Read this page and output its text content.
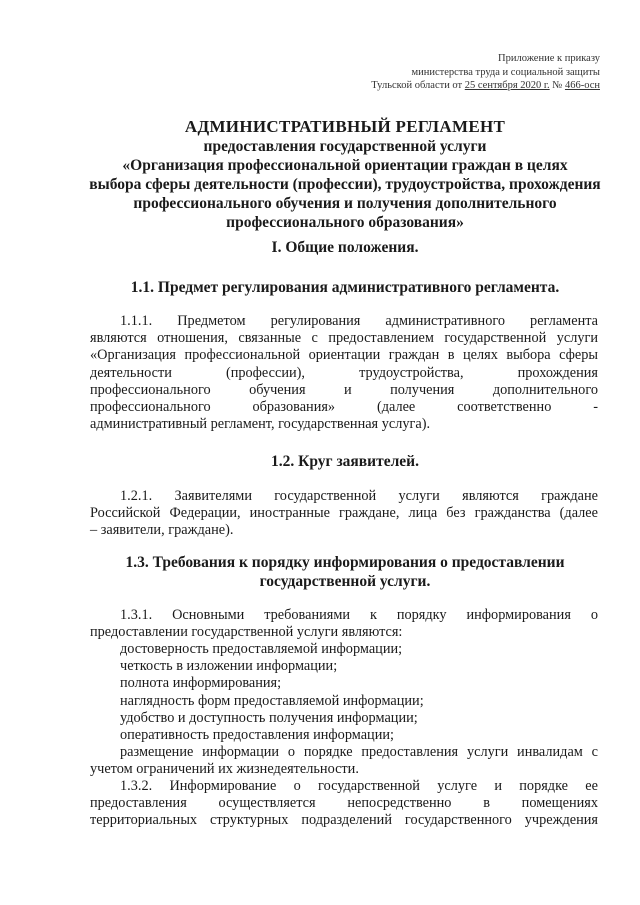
Приложение к приказу
министерства труда и социальной защиты
Тульской области от 25 сентября 2020 г. № 466-осн
АДМИНИСТРАТИВНЫЙ РЕГЛАМЕНТ
предоставления государственной услуги
«Организация профессиональной ориентации граждан в целях
выбора сферы деятельности (профессии), трудоустройства, прохождения
профессионального обучения и получения дополнительного
профессионального образования»
I. Общие положения.
1.1. Предмет регулирования административного регламента.
1.1.1. Предметом регулирования административного регламента
являются отношения, связанные с предоставлением государственной услуги
«Организация профессиональной ориентации граждан в целях выбора сферы
деятельности (профессии), трудоустройства, прохождения
профессионального обучения и получения дополнительного
профессионального образования» (далее соответственно -
административный регламент, государственная услуга).
1.2. Круг заявителей.
1.2.1. Заявителями государственной услуги являются граждане
Российской Федерации, иностранные граждане, лица без гражданства (далее
– заявители, граждане).
1.3. Требования к порядку информирования о предоставлении
государственной услуги.
1.3.1. Основными требованиями к порядку информирования о
предоставлении государственной услуги являются:
достоверность предоставляемой информации;
четкость в изложении информации;
полнота информирования;
наглядность форм предоставляемой информации;
удобство и доступность получения информации;
оперативность предоставления информации;
размещение информации о порядке предоставления услуги инвалидам с
учетом ограничений их жизнедеятельности.
1.3.2. Информирование о государственной услуге и порядке ее
предоставления осуществляется непосредственно в помещениях
территориальных структурных подразделений государственного учреждения
